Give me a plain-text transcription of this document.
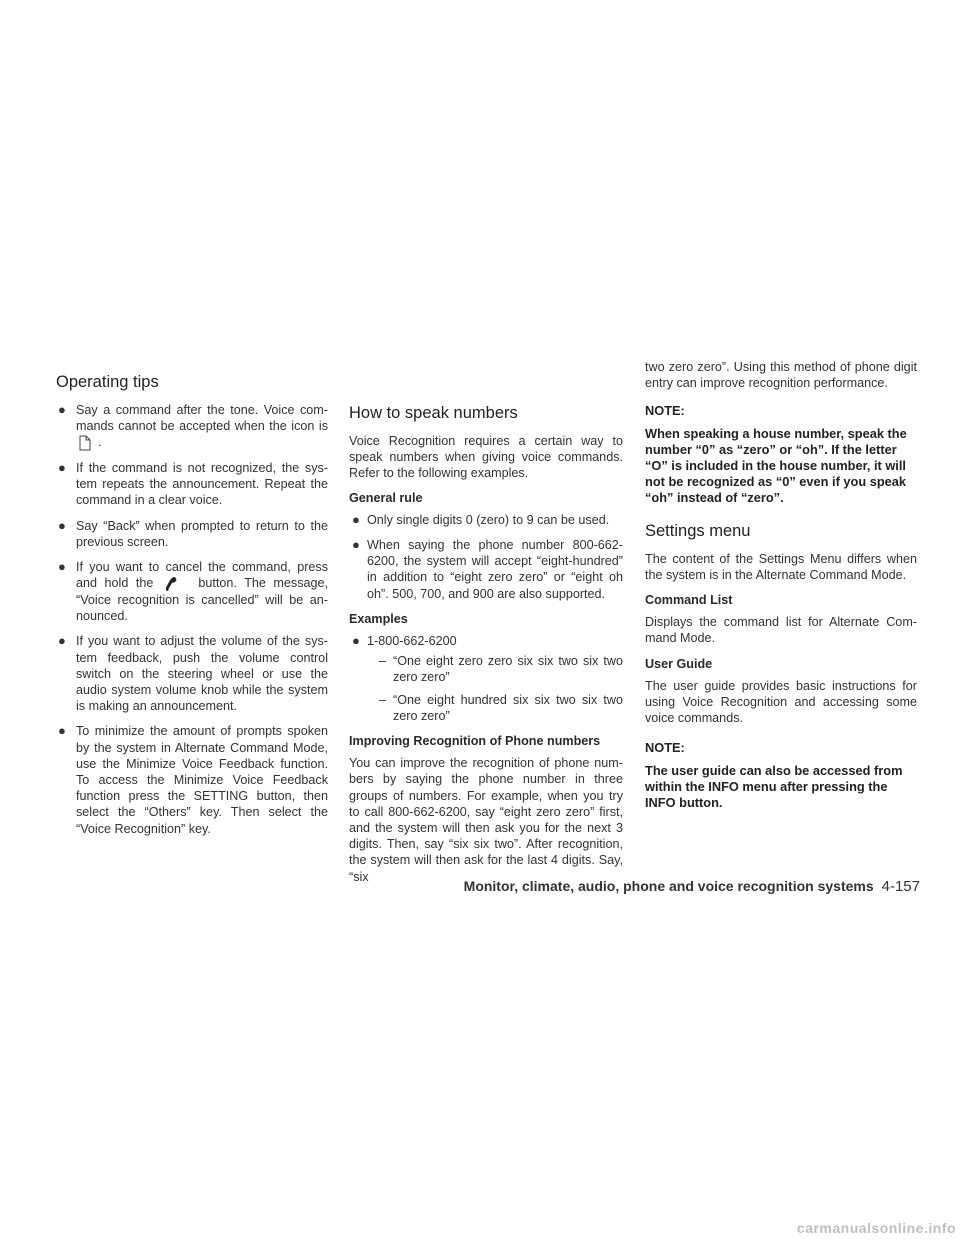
Operating tips
● Say a command after the tone. Voice com-mands cannot be accepted when the icon is .
● If the command is not recognized, the sys-tem repeats the announcement. Repeat the command in a clear voice.
● Say “Back” when prompted to return to the previous screen.
● If you want to cancel the command, press and hold the	button. The message, “Voice recognition is cancelled” will be an-nounced.
● If you want to adjust the volume of the sys-tem feedback, push the volume control switch on the steering wheel or use the audio system volume knob while the system is making an announcement.
● To minimize the amount of prompts spoken by the system in Alternate Command Mode, use the Minimize Voice Feedback function. To access the Minimize Voice Feedback function press the SETTING button, then select the “Others” key. Then select the “Voice Recognition” key.
How to speak numbers

Voice Recognition requires a certain way to speak numbers when giving voice commands. Refer to the following examples.

General rule

● Only single digits 0 (zero) to 9 can be used.
● When saying the phone number 800-662-6200, the system will accept “eight-hundred” in addition to “eight zero zero” or “eight oh oh”. 500, 700, and 900 are also supported.

Examples

● 1-800-662-6200
– “One eight zero zero six six two six two zero zero”
– “One eight hundred six six two six two zero zero”

Improving Recognition of Phone numbers

You can improve the recognition of phone num-bers by saying the phone number in three groups of numbers. For example, when you try to call 800-662-6200, say “eight zero zero” first, and the system will then ask you for the next 3 digits. Then, say “six six two”. After recognition, the system will then ask for the last 4 digits. Say, “six

two zero zero”. Using this method of phone digit entry can improve recognition performance.

NOTE:

When speaking a house number, speak the number “0” as “zero” or “oh”. If the letter “O” is included in the house number, it will not be recognized as “0” even if you speak “oh” instead of “zero”.

Settings menu

The content of the Settings Menu differs when the system is in the Alternate Command Mode.

Command List

Displays the command list for Alternate Com-mand Mode.

User Guide

The user guide provides basic instructions for using Voice Recognition and accessing some voice commands.

NOTE:

The user guide can also be accessed from within the INFO menu after pressing the INFO button.

Monitor, climate, audio, phone and voice recognition systems 4-157
carmanualsonline.info
